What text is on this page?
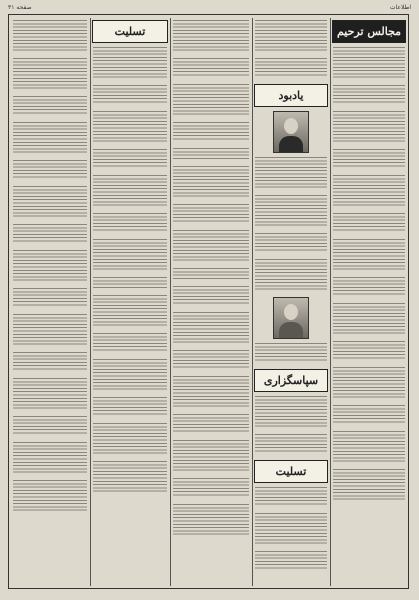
اطلاعات
صفحه ۳۱
مجالس ترحیم
یادبود
سپاسگزاری
تسلیت
تسلیت
